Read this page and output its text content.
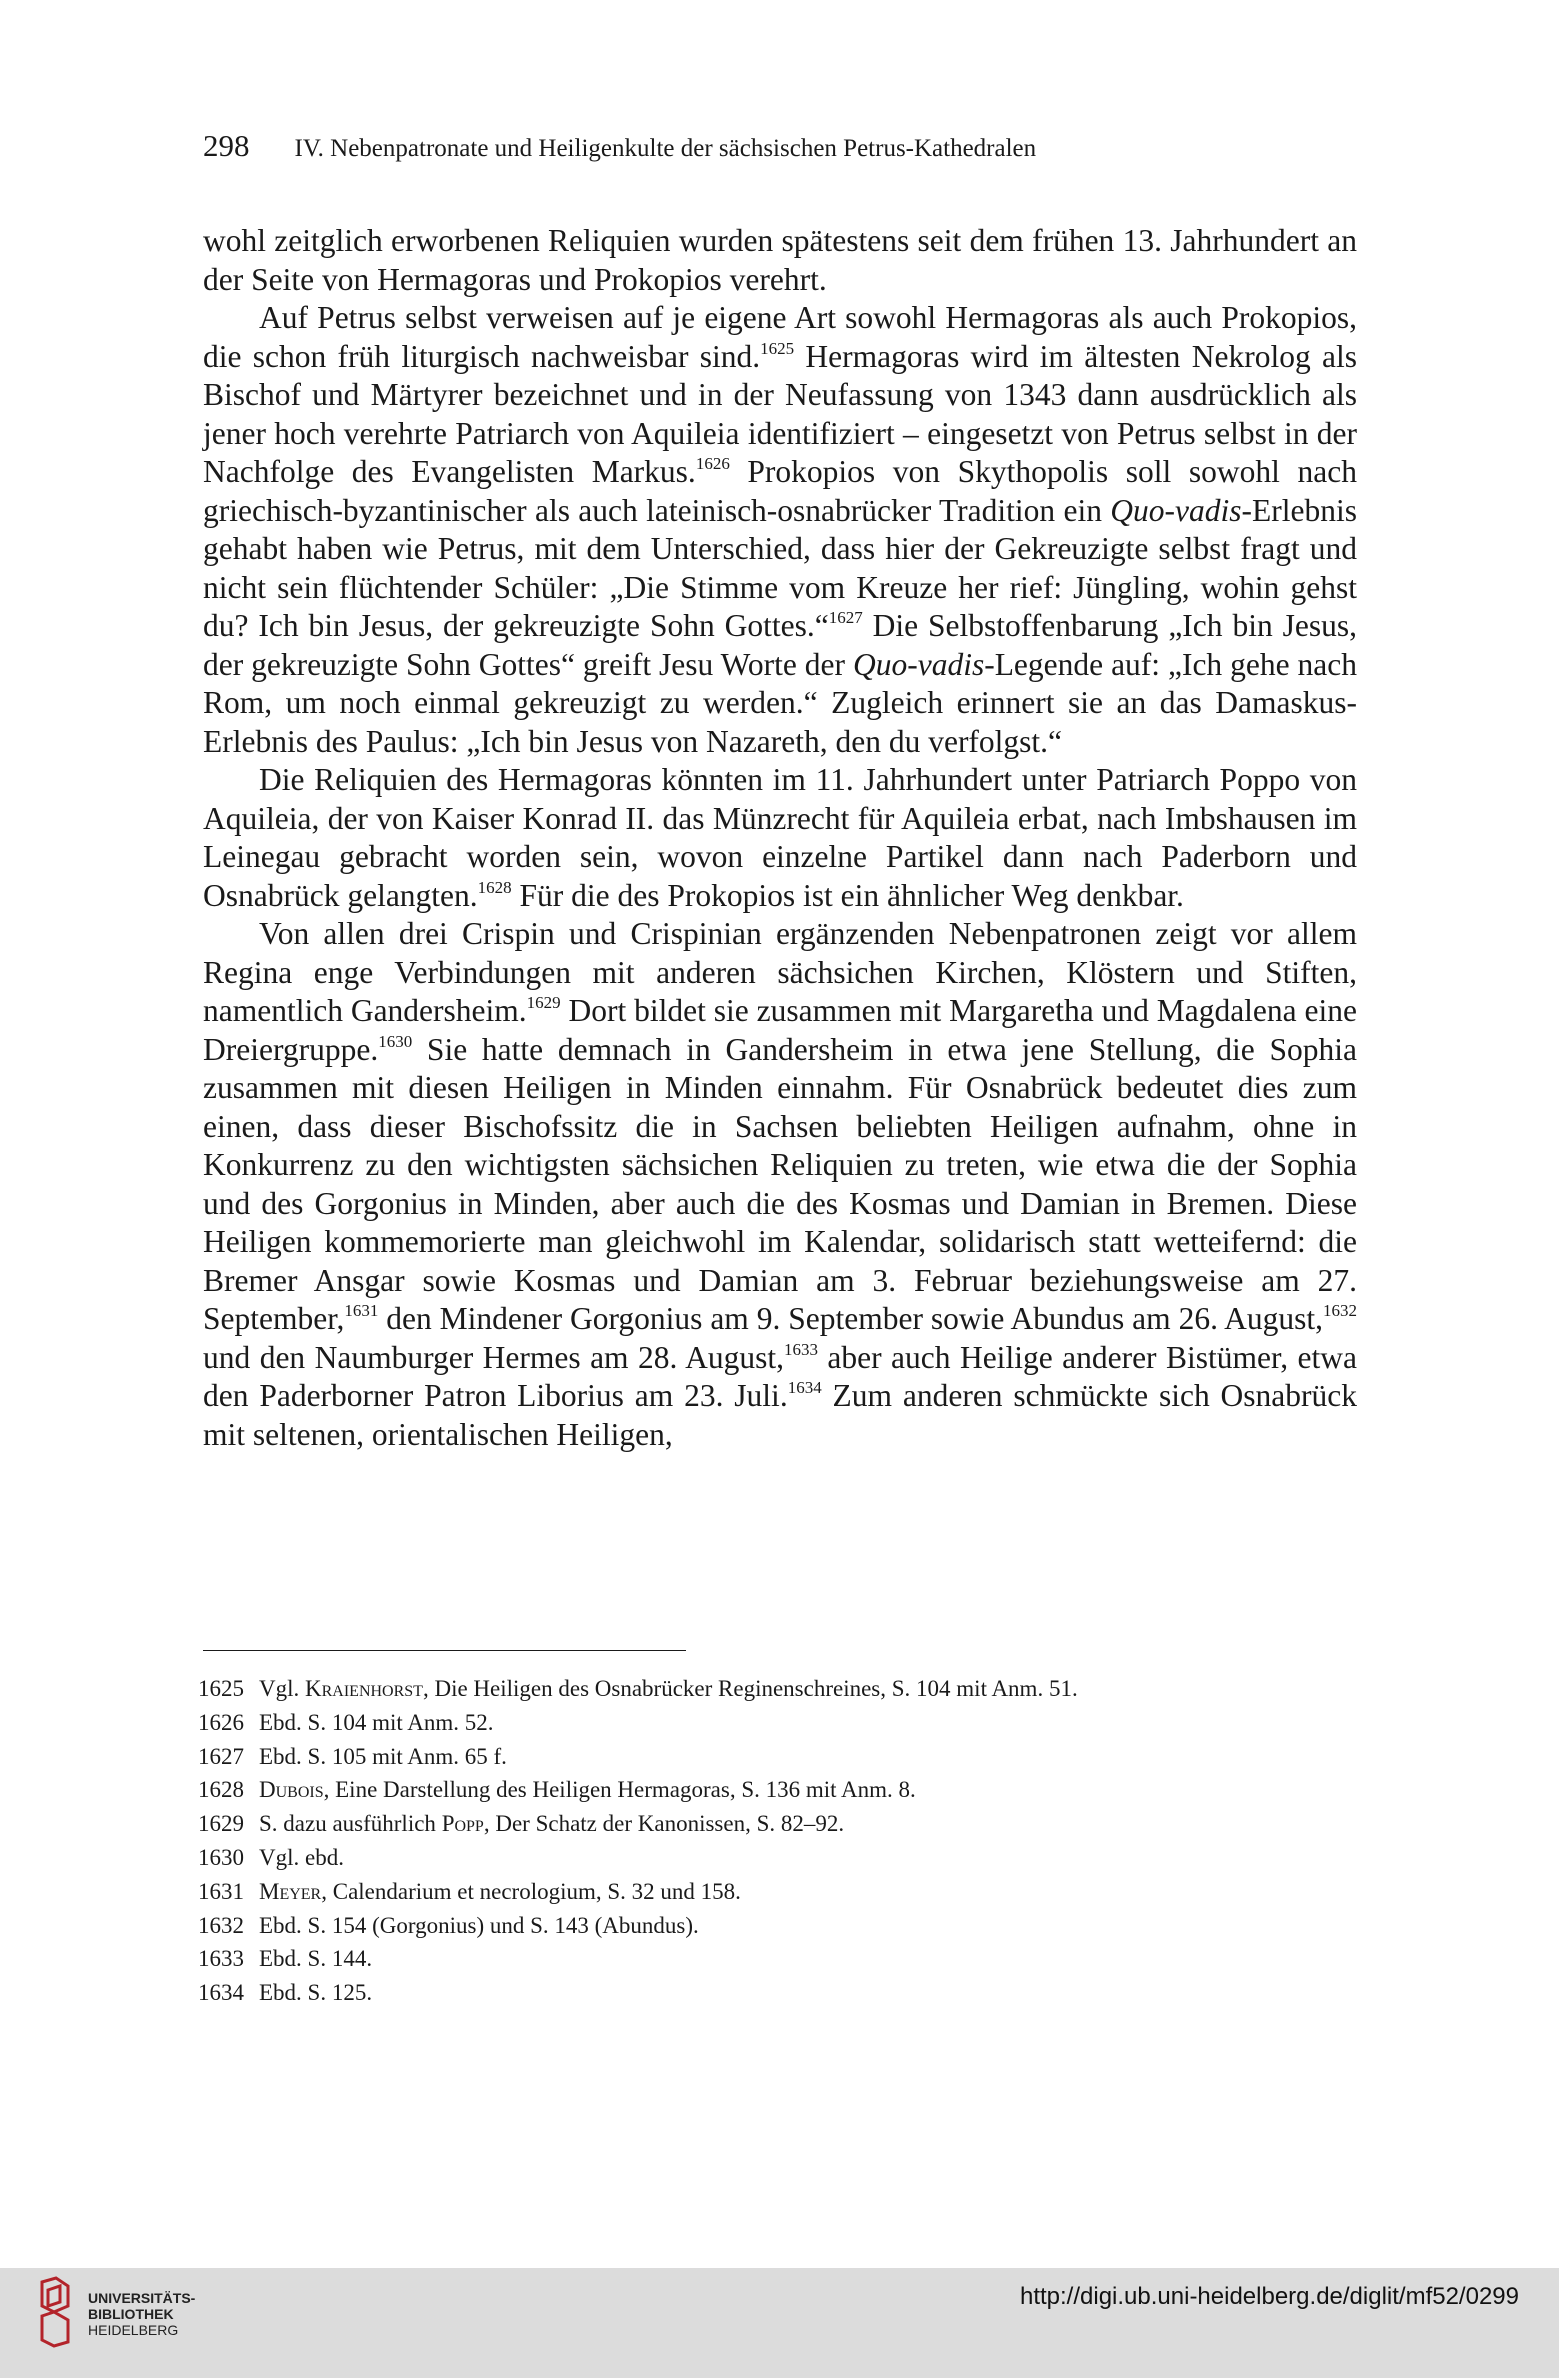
298 IV. Nebenpatronate und Heiligenkulte der sächsischen Petrus-Kathedralen

wohl zeitglich erworbenen Reliquien wurden spätestens seit dem frühen 13. Jahrhundert an der Seite von Hermagoras und Prokopios verehrt.

Auf Petrus selbst verweisen auf je eigene Art sowohl Hermagoras als auch Prokopios, die schon früh liturgisch nachweisbar sind.$^{1625}$ Hermagoras wird im ältesten Nekrolog als Bischof und Märtyrer bezeichnet und in der Neufassung von 1343 dann ausdrücklich als jener hoch verehrte Patriarch von Aquileia identifiziert – eingesetzt von Petrus selbst in der Nachfolge des Evangelisten Markus.$^{1626}$ Prokopios von Skythopolis soll sowohl nach griechisch-byzantinischer als auch lateinisch-osnabrücker Tradition ein Quo-vadis-Erlebnis gehabt haben wie Petrus, mit dem Unterschied, dass hier der Gekreuzigte selbst fragt und nicht sein flüchtender Schüler: „Die Stimme vom Kreuze her rief: Jüngling, wohin gehst du? Ich bin Jesus, der gekreuzigte Sohn Gottes.“$^{1627}$ Die Selbstoffenbarung „Ich bin Jesus, der gekreuzigte Sohn Gottes“ greift Jesu Worte der Quo-vadis-Legende auf: „Ich gehe nach Rom, um noch einmal gekreuzigt zu werden.“ Zugleich erinnert sie an das Damaskus-Erlebnis des Paulus: „Ich bin Jesus von Nazareth, den du verfolgst.“

Die Reliquien des Hermagoras könnten im 11. Jahrhundert unter Patriarch Poppo von Aquileia, der von Kaiser Konrad II. das Münzrecht für Aquileia erbat, nach Imbshausen im Leinegau gebracht worden sein, wovon einzelne Partikel dann nach Paderborn und Osnabrück gelangten.$^{1628}$ Für die des Prokopios ist ein ähnlicher Weg denkbar.

Von allen drei Crispin und Crispinian ergänzenden Nebenpatronen zeigt vor allem Regina enge Verbindungen mit anderen sächsichen Kirchen, Klöstern und Stiften, namentlich Gandersheim.$^{1629}$ Dort bildet sie zusammen mit Margaretha und Magdalena eine Dreiergruppe.$^{1630}$ Sie hatte demnach in Gandersheim in etwa jene Stellung, die Sophia zusammen mit diesen Heiligen in Minden einnahm. Für Osnabrück bedeutet dies zum einen, dass dieser Bischofssitz die in Sachsen beliebten Heiligen aufnahm, ohne in Konkurrenz zu den wichtigsten sächsichen Reliquien zu treten, wie etwa die der Sophia und des Gorgonius in Minden, aber auch die des Kosmas und Damian in Bremen. Diese Heiligen kommemorierte man gleichwohl im Kalendar, solidarisch statt wetteifernd: die Bremer Ansgar sowie Kosmas und Damian am 3. Februar beziehungsweise am 27. September,$^{1631}$ den Mindener Gorgonius am 9. September sowie Abundus am 26. August,$^{1632}$ und den Naumburger Hermes am 28. August,$^{1633}$ aber auch Heilige anderer Bistümer, etwa den Paderborner Patron Liborius am 23. Juli.$^{1634}$ Zum anderen schmückte sich Osnabrück mit seltenen, orientalischen Heiligen,

1625 Vgl. Kraienhorst, Die Heiligen des Osnabrücker Reginenschreines, S. 104 mit Anm. 51.
1626 Ebd. S. 104 mit Anm. 52.
1627 Ebd. S. 105 mit Anm. 65 f.
1628 Dubois, Eine Darstellung des Heiligen Hermagoras, S. 136 mit Anm. 8.
1629 S. dazu ausführlich Popp, Der Schatz der Kanonissen, S. 82–92.
1630 Vgl. ebd.
1631 Meyer, Calendarium et necrologium, S. 32 und 158.
1632 Ebd. S. 154 (Gorgonius) und S. 143 (Abundus).
1633 Ebd. S. 144.
1634 Ebd. S. 125.
UNIVERSITÄTS-
BIBLIOTHEK
HEIDELBERG
http://digi.ub.uni-heidelberg.de/diglit/mf52/0299
